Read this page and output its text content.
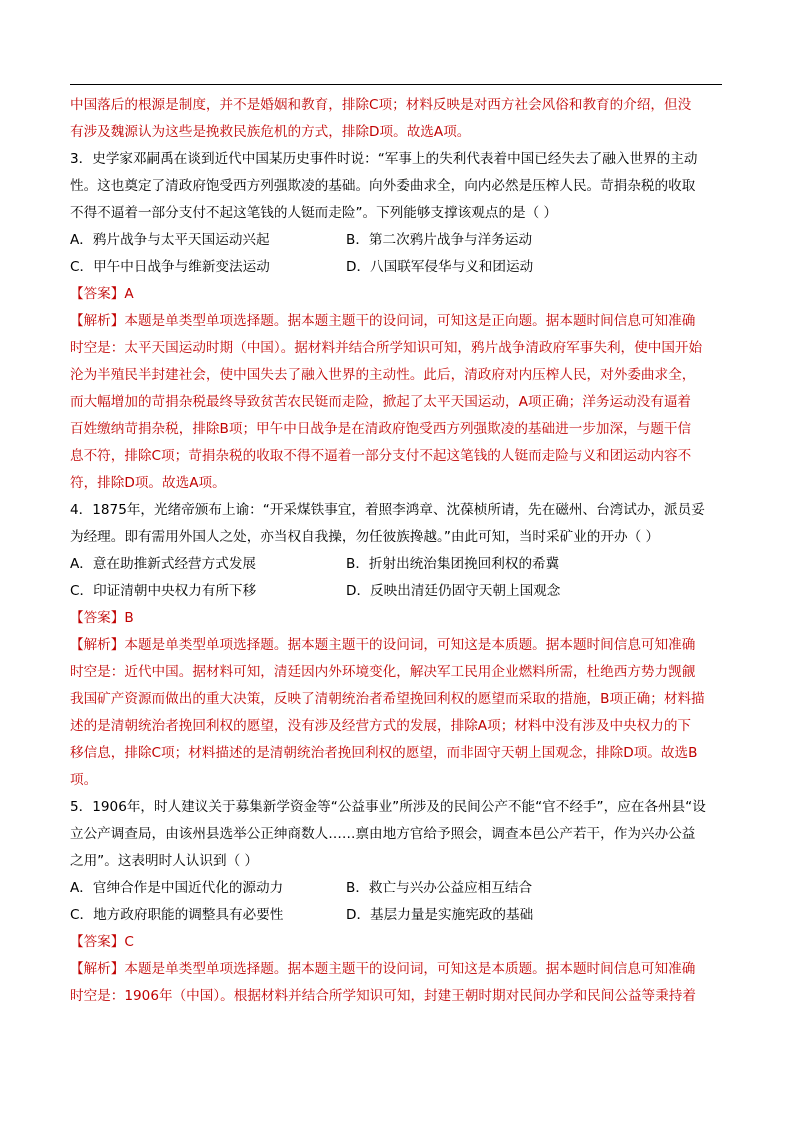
中国落后的根源是制度，并不是婚姻和教育，排除C项；材料反映是对西方社会风俗和教育的介绍，但没
有涉及魏源认为这些是挽救民族危机的方式，排除D项。故选A项。
3．史学家邓嗣禹在谈到近代中国某历史事件时说：“军事上的失利代表着中国已经失去了融入世界的主动
性。这也奠定了清政府饱受西方列强欺凌的基础。向外委曲求全，向内必然是压榨人民。苛捐杂税的收取
不得不逼着一部分支付不起这笔钱的人铤而走险”。下列能够支撑该观点的是（ ）
A．鸦片战争与太平天国运动兴起	B．第二次鸦片战争与洋务运动
C．甲午中日战争与维新变法运动	D．八国联军侵华与义和团运动
【答案】A
【解析】本题是单类型单项选择题。据本题主题干的设问词，可知这是正向题。据本题时间信息可知准确
时空是：太平天国运动时期（中国）。据材料并结合所学知识可知，鸦片战争清政府军事失利，使中国开始
沦为半殖民半封建社会，使中国失去了融入世界的主动性。此后，清政府对内压榨人民，对外委曲求全，
而大幅增加的苛捐杂税最终导致贫苦农民铤而走险，掀起了太平天国运动，A项正确；洋务运动没有逼着
百姓缴纳苛捐杂税，排除B项；甲午中日战争是在清政府饱受西方列强欺凌的基础进一步加深，与题干信
息不符，排除C项；苛捐杂税的收取不得不逼着一部分支付不起这笔钱的人铤而走险与义和团运动内容不
符，排除D项。故选A项。
4．1875年，光绪帝颁布上谕：“开采煤铁事宜，着照李鸿章、沈葆桢所请，先在磁州、台湾试办，派员妥
为经理。即有需用外国人之处，亦当权自我操，勿任彼族搀越。”由此可知，当时采矿业的开办（ ）
A．意在助推新式经营方式发展	B．折射出统治集团挽回利权的希冀
C．印证清朝中央权力有所下移	D．反映出清廷仍固守天朝上国观念
【答案】B
【解析】本题是单类型单项选择题。据本题主题干的设问词，可知这是本质题。据本题时间信息可知准确
时空是：近代中国。据材料可知，清廷因内外环境变化，解决军工民用企业燃料所需，杜绝西方势力觊觎
我国矿产资源而做出的重大决策，反映了清朝统治者希望挽回利权的愿望而采取的措施，B项正确；材料描
述的是清朝统治者挽回利权的愿望，没有涉及经营方式的发展，排除A项；材料中没有涉及中央权力的下
移信息，排除C项；材料描述的是清朝统治者挽回利权的愿望，而非固守天朝上国观念，排除D项。故选B
项。
5．1906年，时人建议关于募集新学资金等“公益事业”所涉及的民间公产不能“官不经手”，应在各州县“设
立公产调查局，由该州县选举公正绅商数人……禀由地方官给予照会，调查本邑公产若干，作为兴办公益
之用”。这表明时人认识到（ ）
A．官绅合作是中国近代化的源动力	B．救亡与兴办公益应相互结合
C．地方政府职能的调整具有必要性	D．基层力量是实施宪政的基础
【答案】C
【解析】本题是单类型单项选择题。据本题主题干的设问词，可知这是本质题。据本题时间信息可知准确
时空是：1906年（中国）。根据材料并结合所学知识可知，封建王朝时期对民间办学和民间公益等秉持着
